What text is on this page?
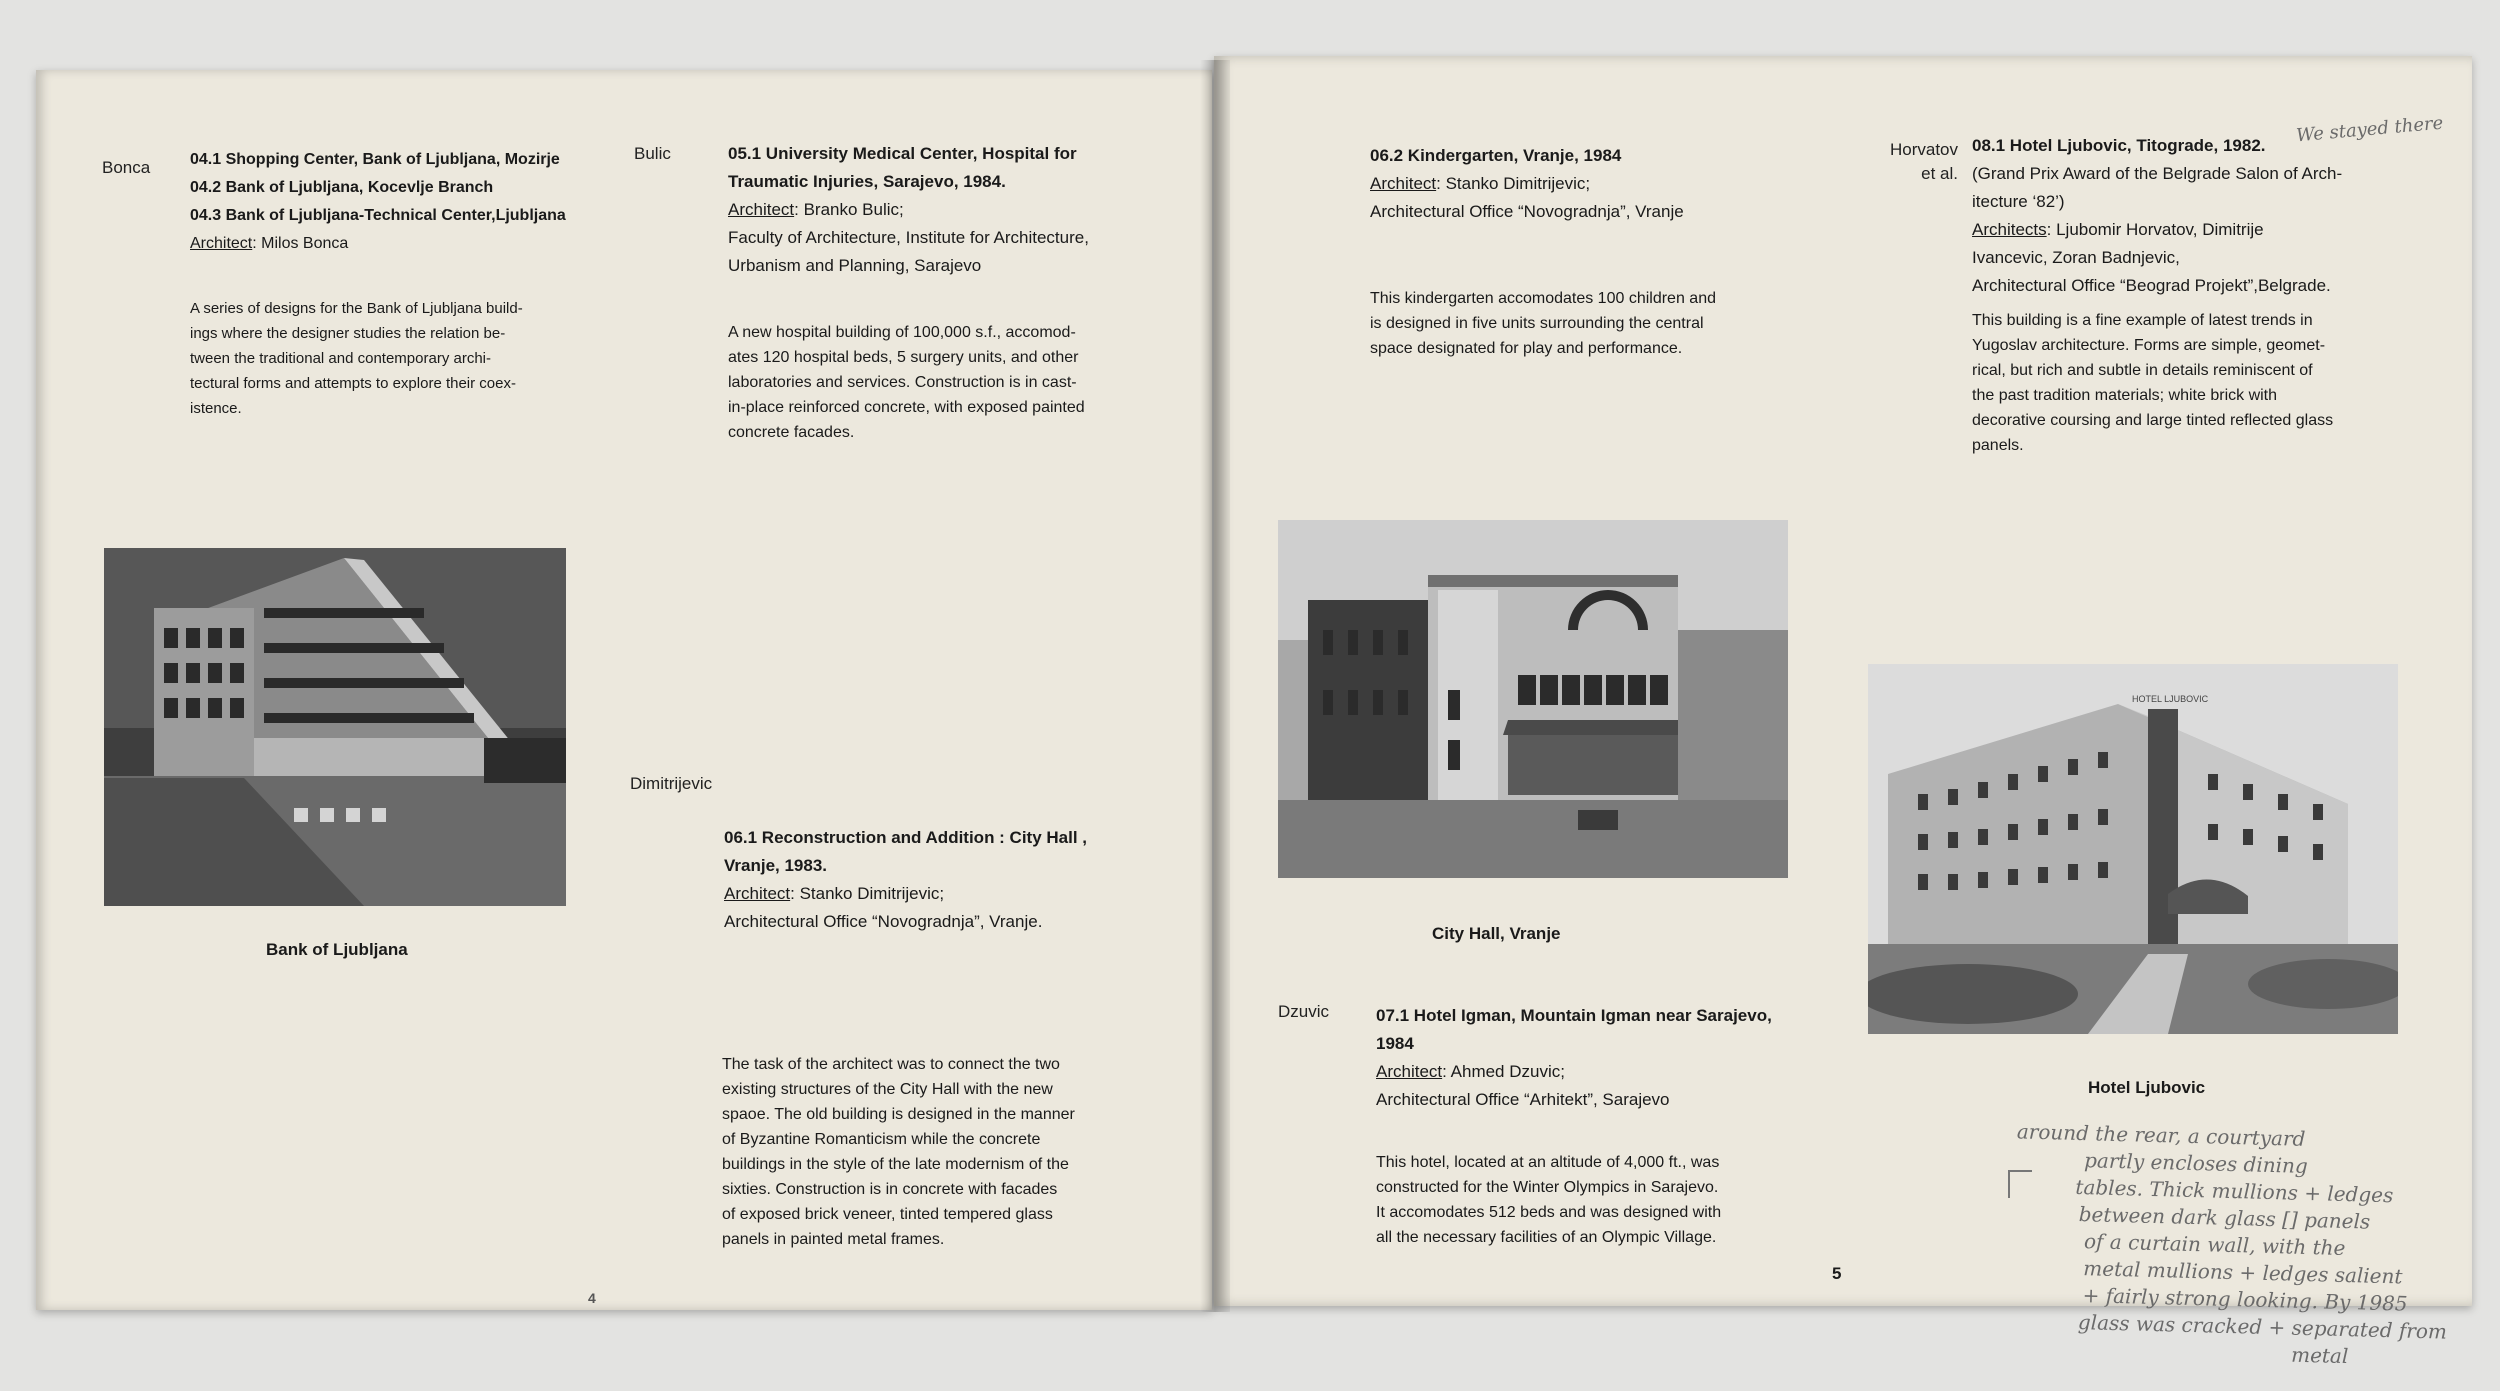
Bonca 04.1 Shopping Center, Bank of Ljubljana, Mozirje
04.2 Bank of Ljubljana, Kocevlje Branch
04.3 Bank of Ljubljana-Technical Center,Ljubljana
Architect: Milos Bonca
A series of designs for the Bank of Ljubljana build-
ings where the designer studies the relation be-
tween the traditional and contemporary archi-
tectural forms and attempts to explore their coex-
istence.
Bank of Ljubljana
Bulic	05.1 University Medical Center, Hospital for
Traumatic Injuries, Sarajevo, 1984.
Architect: Branko Bulic;
Faculty of Architecture, Institute for Architecture,
Urbanism and Planning, Sarajevo
A new hospital building of 100,000 s.f., accomod-
ates 120 hospital beds, 5 surgery units, and other
laboratories and services. Construction is in cast-
in-place reinforced concrete, with exposed painted
concrete facades.
Dimitrijevic
06.1 Reconstruction and Addition : City Hall ,
Vranje, 1983.
Architect: Stanko Dimitrijevic;
Architectural Office “Novogradnja”, Vranje.
The task of the architect was to connect the two
existing structures of the City Hall with the new
spaoe. The old building is designed in the manner
of Byzantine Romanticism while the concrete
buildings in the style of the late modernism of the
sixties. Construction is in concrete with facades
of exposed brick veneer, tinted tempered glass
panels in painted metal frames.
4
06.2 Kindergarten, Vranje, 1984
Architect: Stanko Dimitrijevic;
Architectural Office “Novogradnja”, Vranje
This kindergarten accomodates 100 children and
is designed in five units surrounding the central
space designated for play and performance.
City Hall, Vranje
Dzuvic	07.1 Hotel Igman, Mountain Igman near Sarajevo,
1984
Architect: Ahmed Dzuvic;
Architectural Office “Arhitekt”, Sarajevo
This hotel, located at an altitude of 4,000 ft., was
constructed for the Winter Olympics in Sarajevo.
It accomodates 512 beds and was designed with
all the necessary facilities of an Olympic Village.
Horvatov
et al.
08.1 Hotel Ljubovic, Titograde, 1982.
(Grand Prix Award of the Belgrade Salon of Arch-
itecture ‘82’)
Architects: Ljubomir Horvatov, Dimitrije
Ivancevic, Zoran Badnjevic,
Architectural Office “Beograd Projekt”,Belgrade.
We stayed there
This building is a fine example of latest trends in
Yugoslav architecture. Forms are simple, geomet-
rical, but rich and subtle in details reminiscent of
the past tradition materials; white brick with
decorative coursing and large tinted reflected glass
panels.
HOTEL LJUBOVIC
Hotel Ljubovic
around the rear, a courtyard
partly encloses dining
tables. Thick mullions + ledges
between dark glass [] panels
of a curtain wall, with the
metal mullions + ledges salient
+ fairly strong looking. By 1985
glass was cracked + separated from
metal
5
